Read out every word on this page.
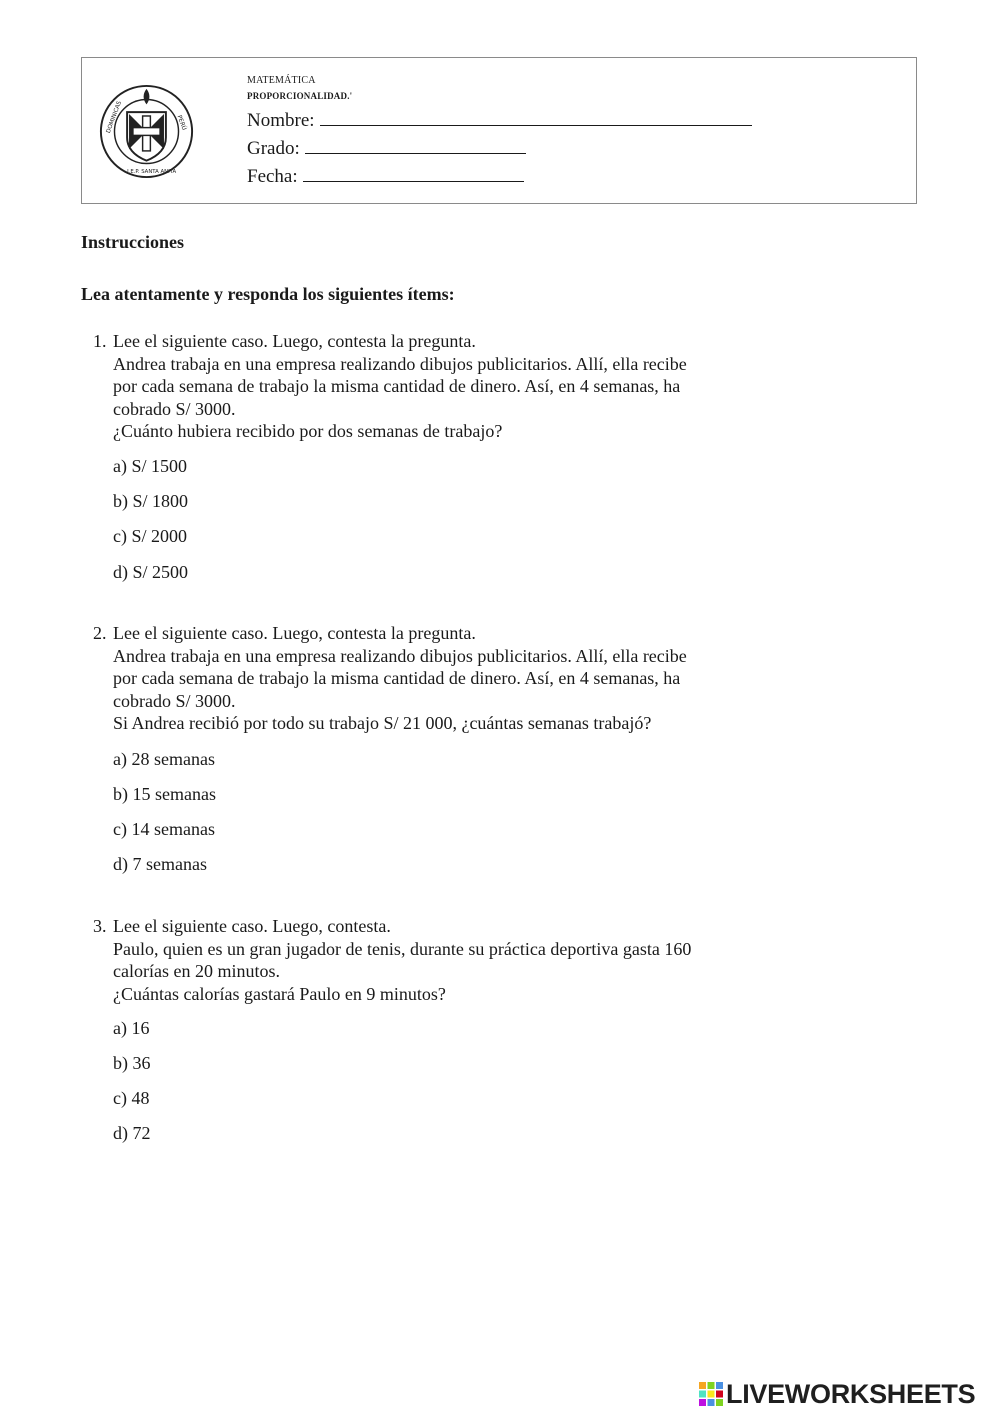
DOMINICAS	PERÚ
I.E.P. SANTA ANITA
MATEMÁTICA
PROPORCIONALIDAD.'
Nombre:
Grado:
Fecha:
Instrucciones
Lea atentamente y responda los siguientes ítems:
1. Lee el siguiente caso. Luego, contesta la pregunta.
Andrea trabaja en una empresa realizando dibujos publicitarios. Allí, ella recibe
por cada semana de trabajo la misma cantidad de dinero. Así, en 4 semanas, ha
cobrado S/ 3000.
¿Cuánto hubiera recibido por dos semanas de trabajo?
a) S/ 1500
b) S/ 1800
c) S/ 2000
d) S/ 2500
2. Lee el siguiente caso. Luego, contesta la pregunta.
Andrea trabaja en una empresa realizando dibujos publicitarios. Allí, ella recibe
por cada semana de trabajo la misma cantidad de dinero. Así, en 4 semanas, ha
cobrado S/ 3000.
Si Andrea recibió por todo su trabajo S/ 21 000, ¿cuántas semanas trabajó?
a) 28 semanas
b) 15 semanas
c) 14 semanas
d) 7 semanas
3. Lee el siguiente caso. Luego, contesta.
Paulo, quien es un gran jugador de tenis, durante su práctica deportiva gasta 160
calorías en 20 minutos.
¿Cuántas calorías gastará Paulo en 9 minutos?
a) 16
b) 36
c) 48
d) 72
LIVEWORKSHEETS
